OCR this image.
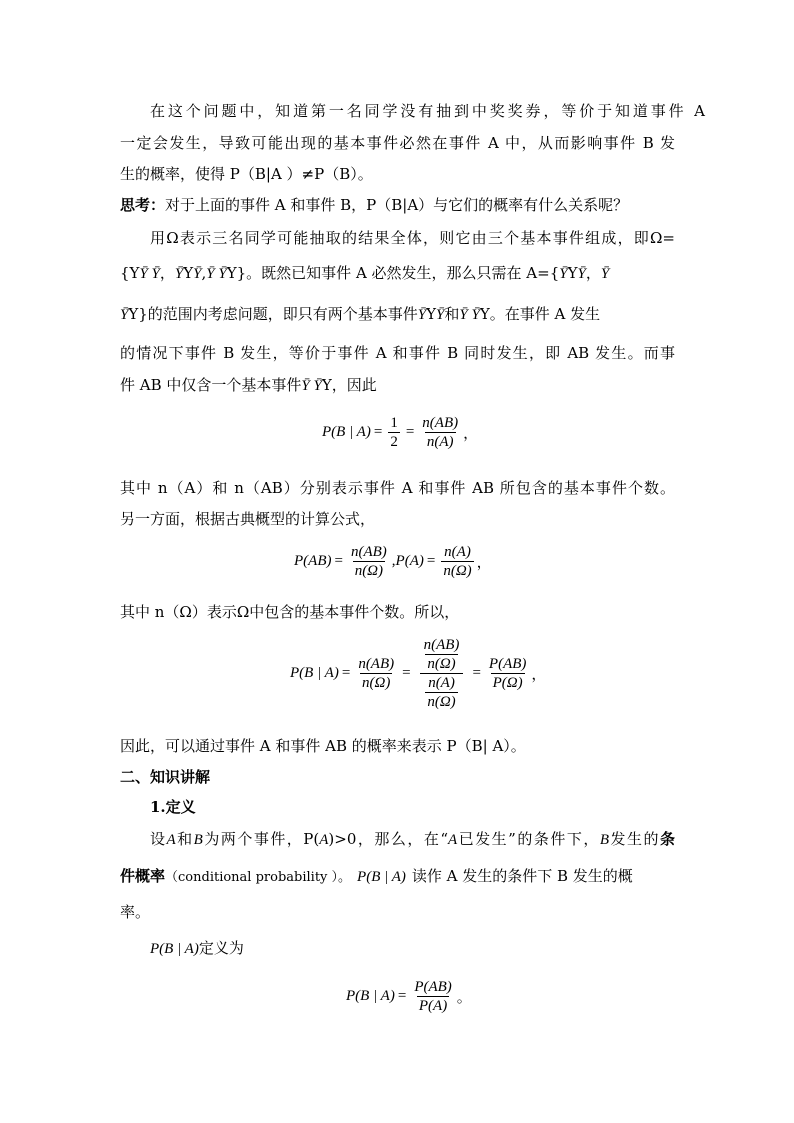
在这个问题中，知道第一名同学没有抽到中奖奖券，等价于知道事件 A
一定会发生，导致可能出现的基本事件必然在事件 A 中，从而影响事件 B 发
生的概率，使得 P（B|A ）≠P（B）。
思考：对于上面的事件 A 和事件 B，P（B|A）与它们的概率有什么关系呢？
用Ω表示三名同学可能抽取的结果全体，则它由三个基本事件组成，即Ω=
{YȲ Ȳ，ȲYȲ,Ȳ ȲY}。既然已知事件 A 必然发生，那么只需在 A={ȲYȲ，Ȳ
ȲY}的范围内考虑问题，即只有两个基本事件ȲYȲ和Ȳ ȲY。在事件 A 发生
的情况下事件 B 发生，等价于事件 A 和事件 B 同时发生，即 AB 发生。而事
件 AB 中仅含一个基本事件Ȳ ȲY，因此
P(B | $A) = \frac{1}{2} = \frac{n(AB)}{n(A)}$ ，
其中 n（A）和 n（AB）分别表示事件 A 和事件 AB 所包含的基本事件个数。
另一方面，根据古典概型的计算公式，
$P(AB) = \frac{n(AB)}{n(\Omega)}$ , $P(A) = \frac{n(A)}{n(\Omega)}$ ，
其中 n（Ω）表示Ω中包含的基本事件个数。所以，
P(B | $A) = \frac{n(AB)}{n(\Omega)} = \frac{\frac{n(AB)}{n(\Omega)}}{\frac{n(A)}{n(\Omega)}} = \frac{P(AB)}{P(\Omega)}$ ，
因此，可以通过事件 A 和事件 AB 的概率来表示 P（B| A）。
二、知识讲解
1.定义
设A和B为两个事件，P(A)>0，那么，在“A已发生”的条件下，B发生的条
件概率（conditional probability ）。 P(B | A) 读作 A 发生的条件下 B 发生的概
率。
P(B | A)定义为
P(B | $A) = \frac{P(AB)}{P(A)}$ 。
